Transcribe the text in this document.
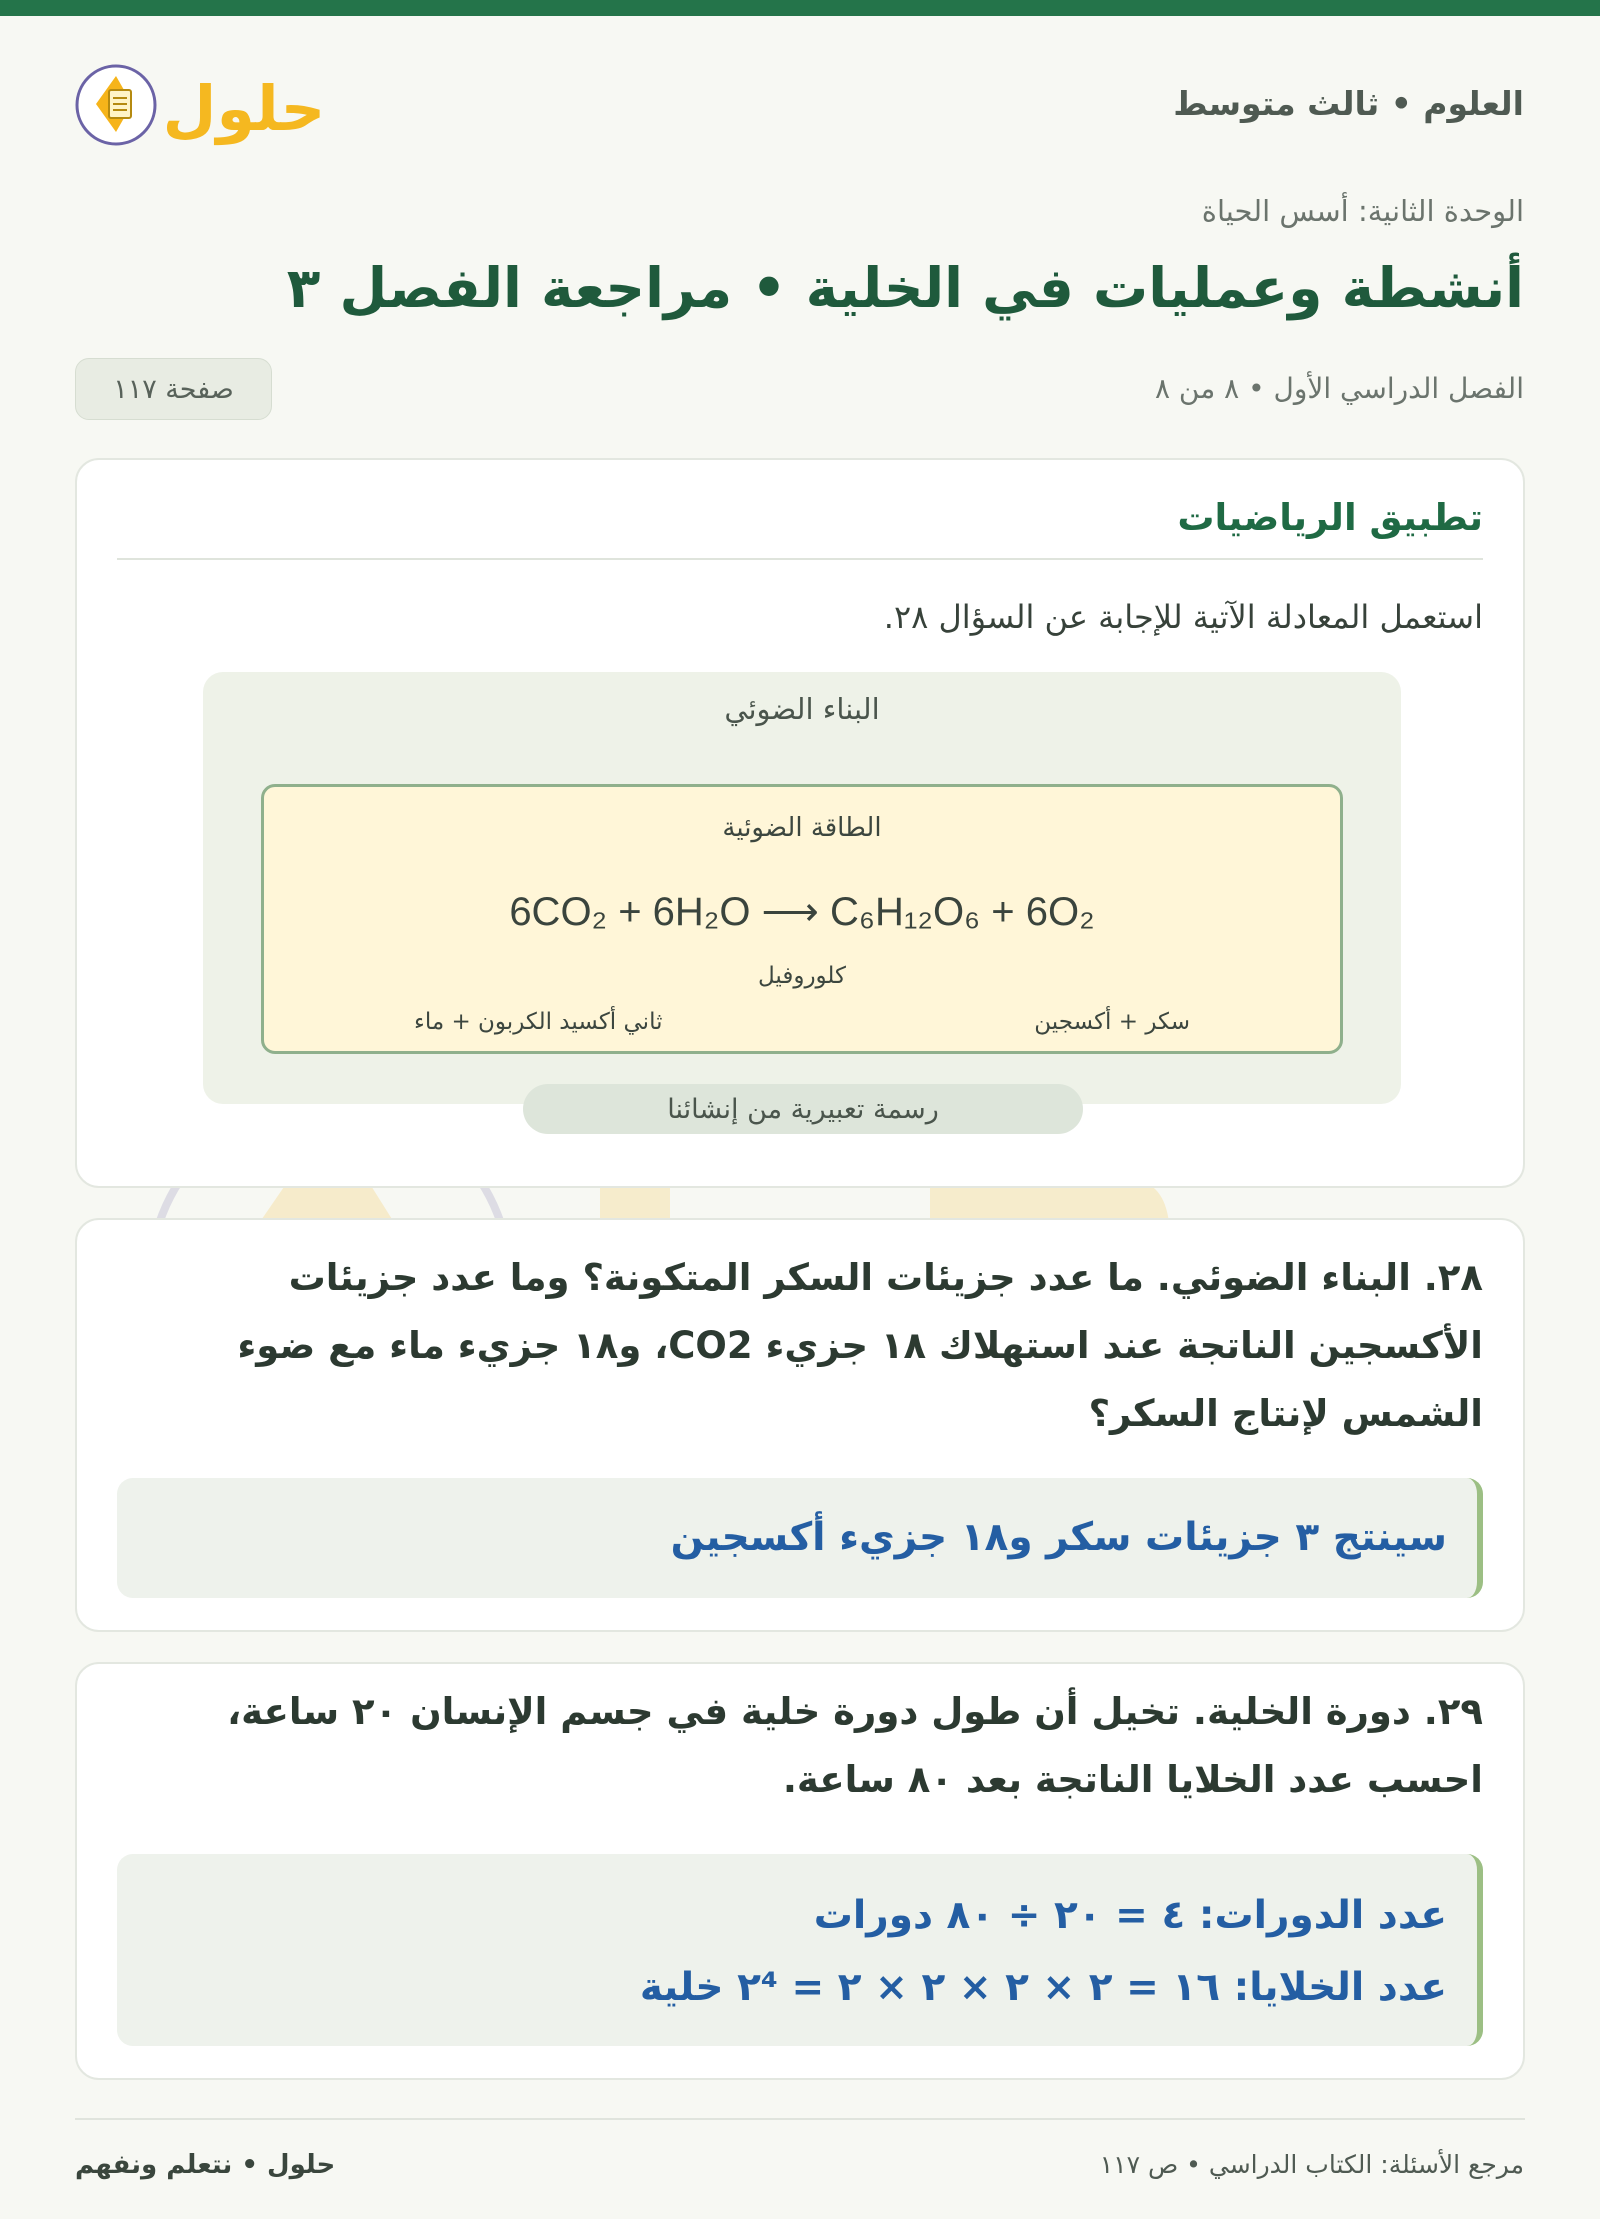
حلول	العلوم • ثالث متوسط
الوحدة الثانية: أسس الحياة
أنشطة وعمليات في الخلية • مراجعة الفصل ٣
الفصل الدراسي الأول • ٨ من ٨
صفحة ١١٧
تطبيق الرياضيات

استعمل المعادلة الآتية للإجابة عن السؤال ٢٨.

البناء الضوئي
الطاقة الضوئية
6CO₂ + 6H₂O ⟶ C₆H₁₂O₆ + 6O₂
كلوروفيل
ثاني أكسيد الكربون + ماء	سكر + أكسجين
رسمة تعبيرية من إنشائنا

٢٨. البناء الضوئي. ما عدد جزيئات السكر المتكونة؟ وما عدد جزيئات الأكسجين الناتجة عند استهلاك ١٨ جزيء CO2، و١٨ جزيء ماء مع ضوء الشمس لإنتاج السكر؟

سينتج ٣ جزيئات سكر و١٨ جزيء أكسجين

٢٩. دورة الخلية. تخيل أن طول دورة خلية في جسم الإنسان ٢٠ ساعة، احسب عدد الخلايا الناتجة بعد ٨٠ ساعة.

عدد الدورات: ٤ = ٢٠ ÷ ٨٠ دورات
عدد الخلايا: ١٦ = ٢ × ٢ × ٢ × ٢ = ٢⁴ خلية
مرجع الأسئلة: الكتاب الدراسي • ص ١١٧
حلول • نتعلم ونفهم
